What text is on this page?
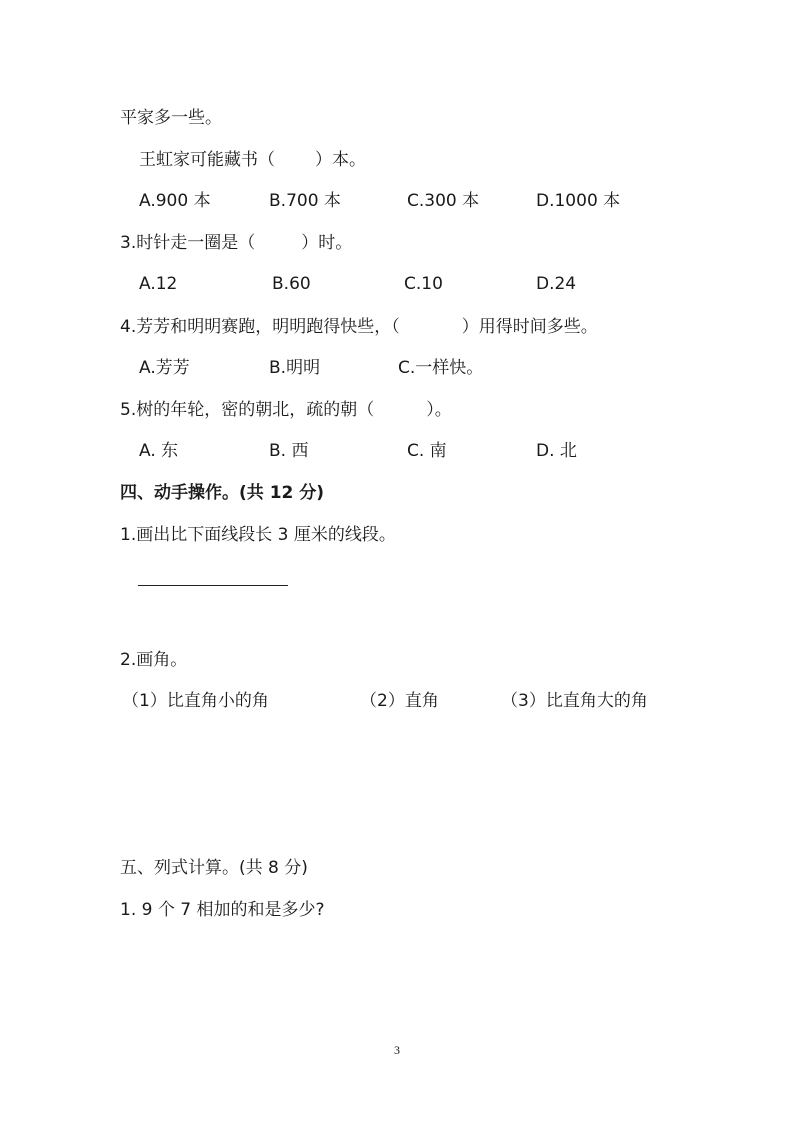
平家多一些。
王虹家可能藏书（ ）本。
A.900 本	B.700 本	C.300 本	D.1000 本
3.时针走一圈是（	）时。
A.12	B.60	C.10	D.24
4.芳芳和明明赛跑，明明跑得快些，（	）用得时间多些。
A.芳芳	B.明明	C.一样快。
5.树的年轮，密的朝北，疏的朝（	）。
A. 东	B. 西	C. 南	D. 北
四、动手操作。(共 12 分)
1.画出比下面线段长 3 厘米的线段。
2.画角。
（1）比直角小的角	（2）直角	（3）比直角大的角
五、列式计算。(共 8 分)
1. 9 个 7 相加的和是多少?
3
